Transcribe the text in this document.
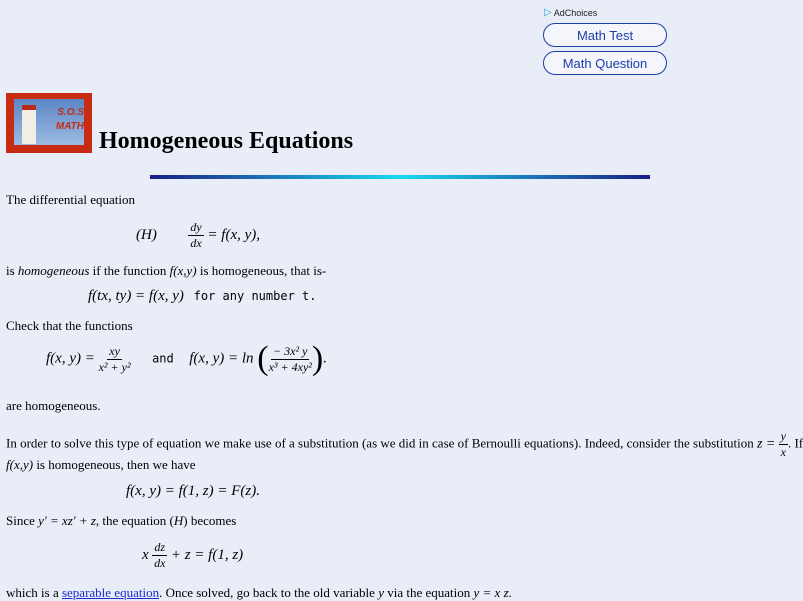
▷ AdChoices
Math Test
Math Question
S.O.S
MATH
Homogeneous Equations
The differential equation
(H)	$\frac{dy}{dx} = f(x$, y),
is homogeneous if the function f(x,y) is homogeneous, that is-
f(tx, ty) = f(x, y) for any number t.
Check that the functions
f(x, $y) = \frac{xy}{\text{x² + y²}}$ and f(x, y) = ln ( $\frac{\text{− 3x² y}}{\text{x³ + 4xy²}}$ ).
are homogeneous.
In order to solve this type of equation we make use of a substitution (as we did in case of Bernoulli equations). Indeed, consider the substitution $z = \frac{y}{x}$ . If
f(x,y) is homogeneous, then we have
f(x, y) = f(1, z) = F(z).
Since y' = xz' + z, the equation (H) becomes
x $\frac{dz}{dx} + z = f(1$, z)
which is a separable equation. Once solved, go back to the old variable y via the equation y = x z.
